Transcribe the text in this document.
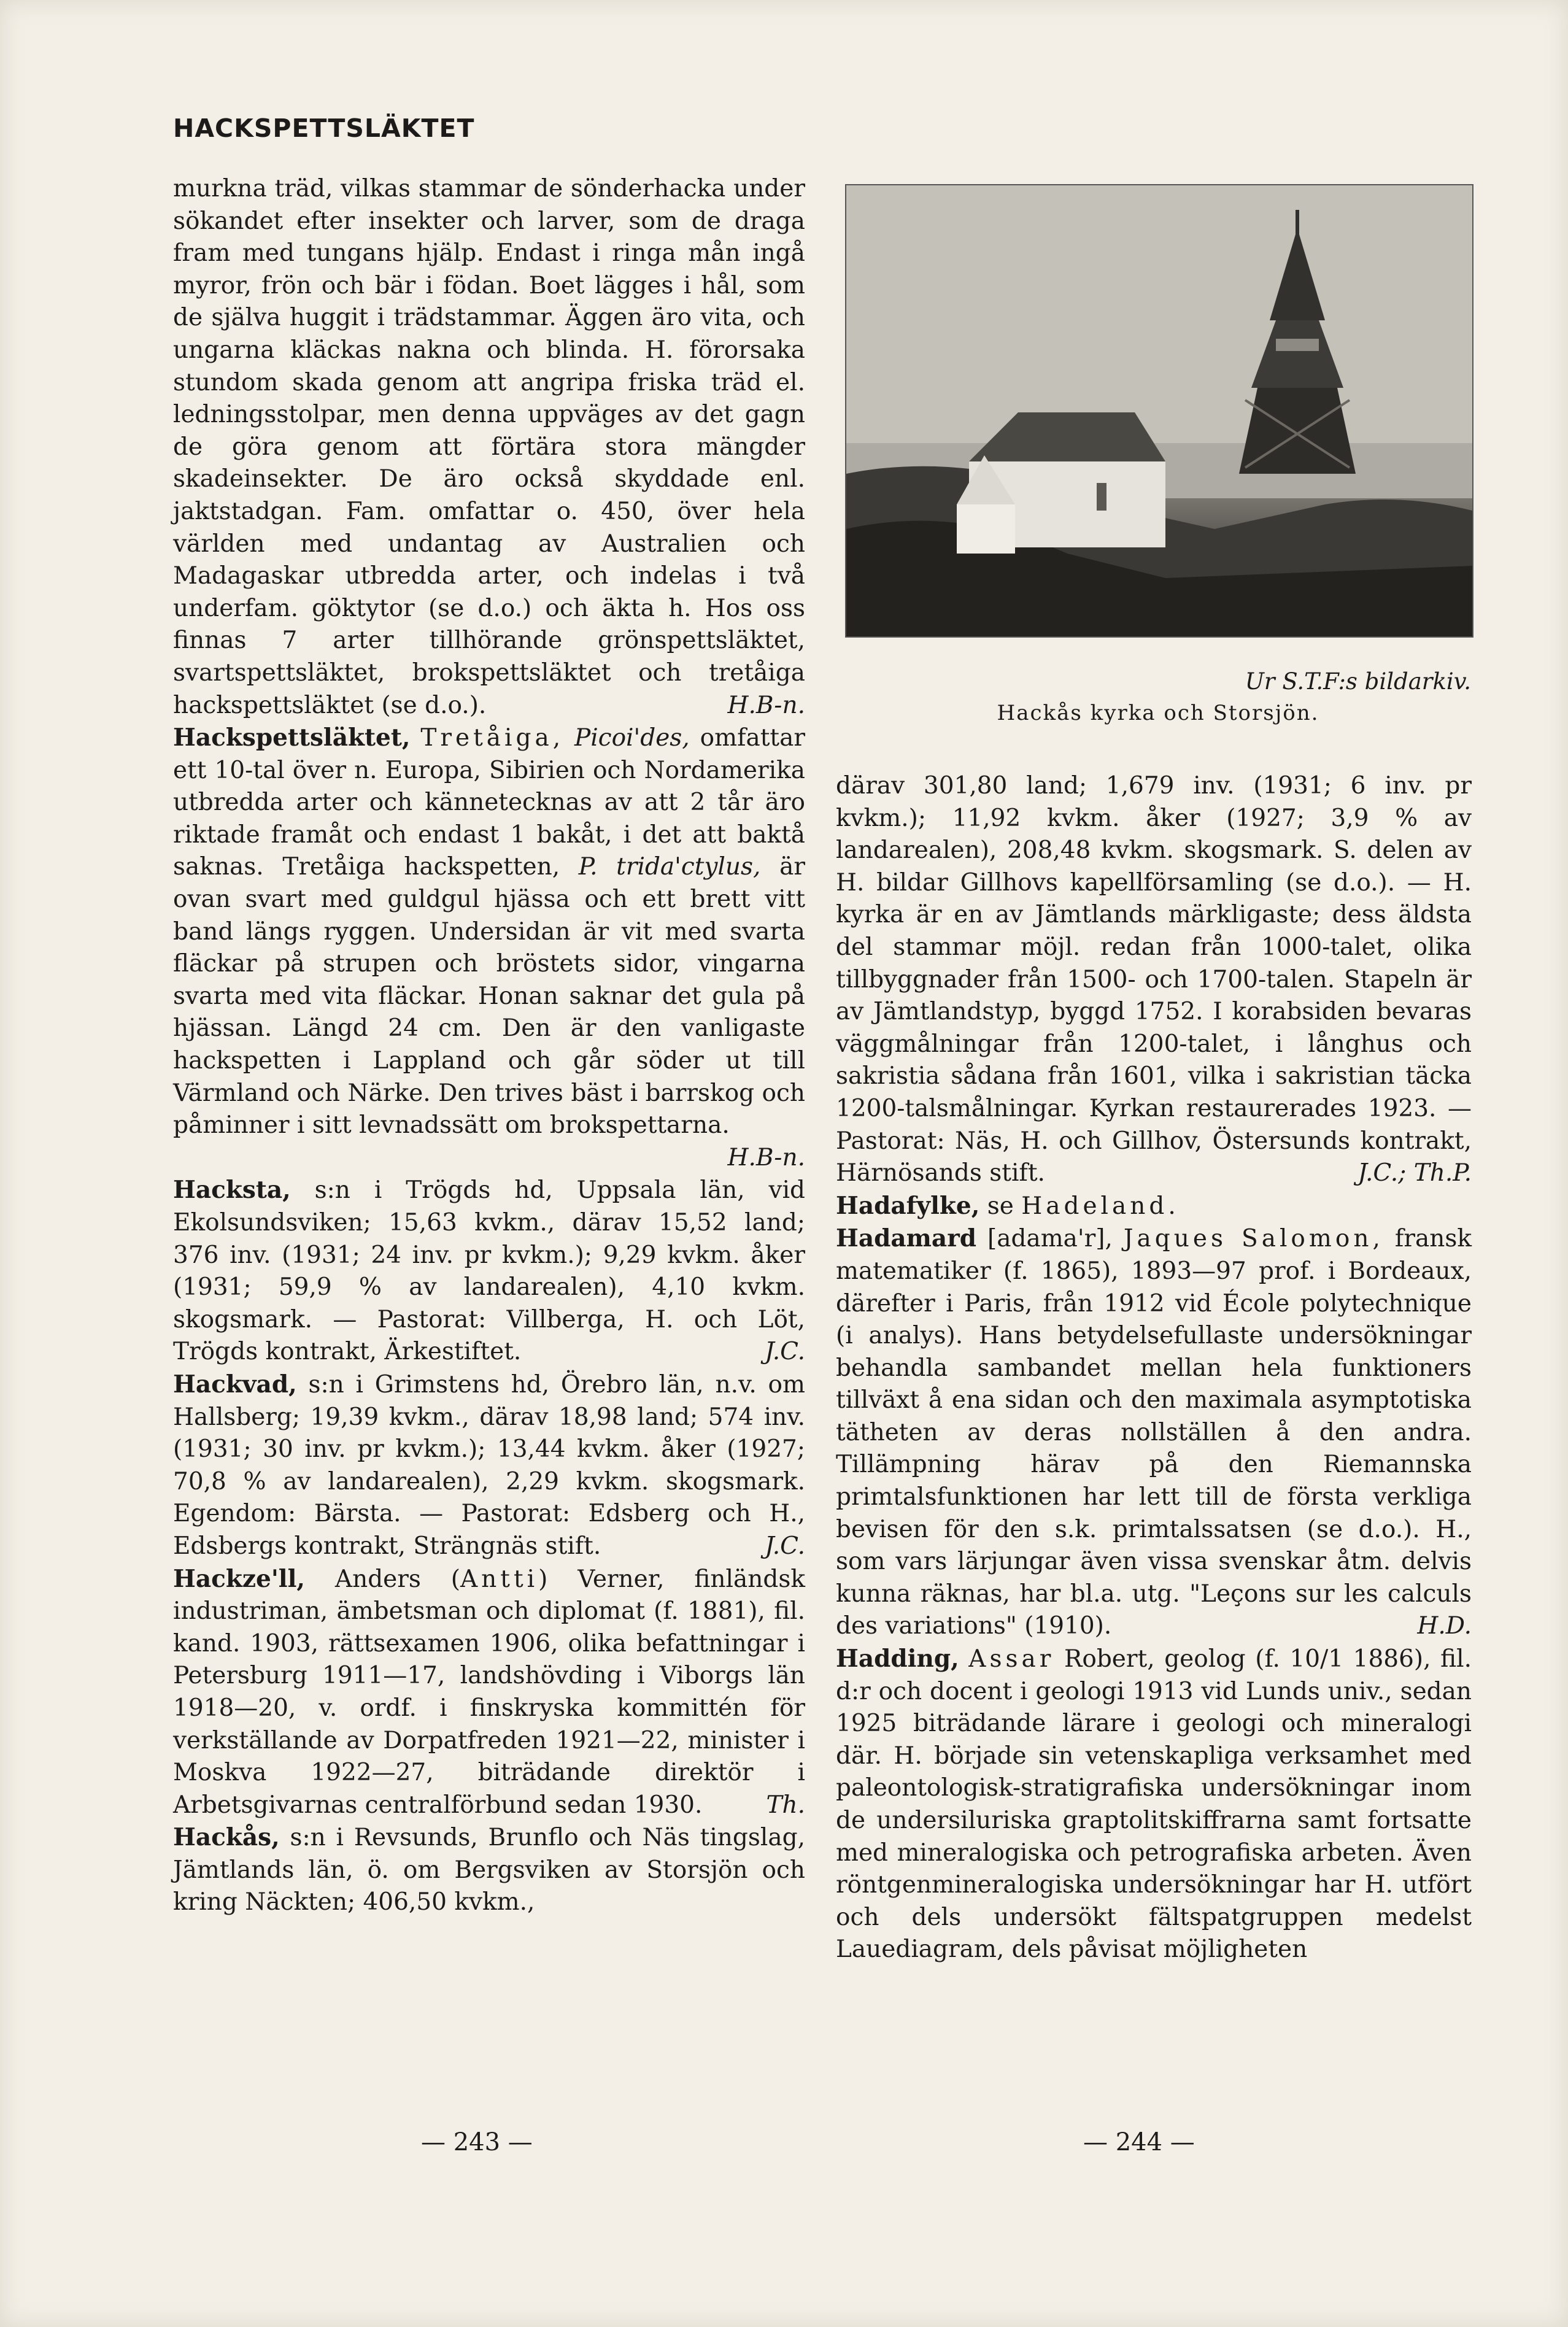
HACKSPETTSLÄKTET

murkna träd, vilkas stammar de sönderhacka under sökandet efter insekter och larver, som de draga fram med tungans hjälp. Endast i ringa mån ingå myror, frön och bär i födan. Boet lägges i hål, som de själva huggit i trädstammar. Äggen äro vita, och ungarna kläckas nakna och blinda. H. förorsaka stundom skada genom att angripa friska träd el. ledningsstolpar, men denna uppväges av det gagn de göra genom att förtära stora mängder skadeinsekter. De äro också skyddade enl. jaktstadgan. Fam. omfattar o. 450, över hela världen med undantag av Australien och Madagaskar utbredda arter, och indelas i två underfam. göktytor (se d.o.) och äkta h. Hos oss finnas 7 arter tillhörande grönspettsläktet, svartspettsläktet, brokspettsläktet och tretåiga hackspettsläktet (se d.o.).	H.B-n.

Hackspettsläktet, Tretåiga, Picoi'des, omfattar ett 10-tal över n. Europa, Sibirien och Nordamerika utbredda arter och kännetecknas av att 2 tår äro riktade framåt och endast 1 bakåt, i det att baktå saknas. Tretåiga hackspetten, P. trida'ctylus, är ovan svart med guldgul hjässa och ett brett vitt band längs ryggen. Undersidan är vit med svarta fläckar på strupen och bröstets sidor, vingarna svarta med vita fläckar. Honan saknar det gula på hjässan. Längd 24 cm. Den är den vanligaste hackspetten i Lappland och går söder ut till Värmland och Närke. Den trives bäst i barrskog och påminner i sitt levnadssätt om brokspettarna.
H.B-n.

Hacksta, s:n i Trögds hd, Uppsala län, vid Ekolsundsviken; 15,63 kvkm., därav 15,52 land; 376 inv. (1931; 24 inv. pr kvkm.); 9,29 kvkm. åker (1931; 59,9 % av landarealen), 4,10 kvkm. skogsmark. — Pastorat: Villberga, H. och Löt, Trögds kontrakt, Ärkestiftet.	J.C.

Hackvad, s:n i Grimstens hd, Örebro län, n.v. om Hallsberg; 19,39 kvkm., därav 18,98 land; 574 inv. (1931; 30 inv. pr kvkm.); 13,44 kvkm. åker (1927; 70,8 % av landarealen), 2,29 kvkm. skogsmark. Egendom: Bärsta. — Pastorat: Edsberg och H., Edsbergs kontrakt, Strängnäs stift.	J.C.

Hackze'll, Anders (Antti) Verner, finländsk industriman, ämbetsman och diplomat (f. 1881), fil. kand. 1903, rättsexamen 1906, olika befattningar i Petersburg 1911—17, landshövding i Viborgs län 1918—20, v. ordf. i finskryska kommittén för verkställande av Dorpatfreden 1921—22, minister i Moskva 1922—27, biträdande direktör i Arbetsgivarnas centralförbund sedan 1930.	Th.

Hackås, s:n i Revsunds, Brunflo och Näs tingslag, Jämtlands län, ö. om Bergsviken av Storsjön och kring Näckten; 406,50 kvkm.,

Ur S.T.F:s bildarkiv.
Hackås kyrka och Storsjön.

därav 301,80 land; 1,679 inv. (1931; 6 inv. pr kvkm.); 11,92 kvkm. åker (1927; 3,9 % av landarealen), 208,48 kvkm. skogsmark. S. delen av H. bildar Gillhovs kapellförsamling (se d.o.). — H. kyrka är en av Jämtlands märkligaste; dess äldsta del stammar möjl. redan från 1000-talet, olika tillbyggnader från 1500- och 1700-talen. Stapeln är av Jämtlandstyp, byggd 1752. I korabsiden bevaras väggmålningar från 1200-talet, i långhus och sakristia sådana från 1601, vilka i sakristian täcka 1200-talsmålningar. Kyrkan restaurerades 1923. — Pastorat: Näs, H. och Gillhov, Östersunds kontrakt, Härnösands stift.	J.C.; Th.P.

Hadafylke, se Hadeland.

Hadamard [adama'r], Jaques Salomon, fransk matematiker (f. 1865), 1893—97 prof. i Bordeaux, därefter i Paris, från 1912 vid École polytechnique (i analys). Hans betydelsefullaste undersökningar behandla sambandet mellan hela funktioners tillväxt å ena sidan och den maximala asymptotiska tätheten av deras nollställen å den andra. Tillämpning härav på den Riemannska primtalsfunktionen har lett till de första verkliga bevisen för den s.k. primtalssatsen (se d.o.). H., som vars lärjungar även vissa svenskar åtm. delvis kunna räknas, har bl.a. utg. "Leçons sur les calculs des variations" (1910).	H.D.

Hadding, Assar Robert, geolog (f. 10/1 1886), fil. d:r och docent i geologi 1913 vid Lunds univ., sedan 1925 biträdande lärare i geologi och mineralogi där. H. började sin vetenskapliga verksamhet med paleontologisk-stratigrafiska undersökningar inom de undersiluriska graptolitskiffrarna samt fortsatte med mineralogiska och petrografiska arbeten. Även röntgenmineralogiska undersökningar har H. utfört och dels undersökt fältspatgruppen medelst Lauediagram, dels påvisat möjligheten

— 243 —	— 244 —
